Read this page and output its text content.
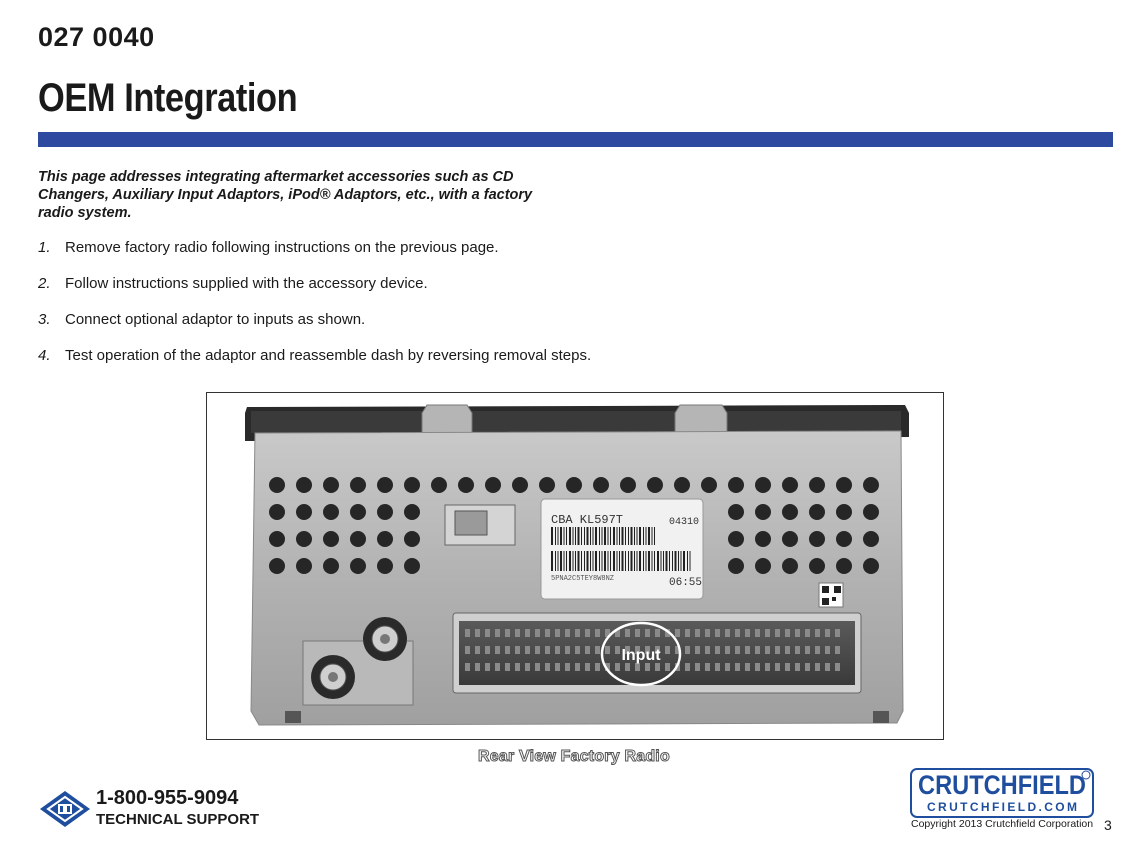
027 0040
OEM Integration
This page addresses integrating aftermarket accessories such as CD Changers, Auxiliary Input Adaptors, iPod® Adaptors, etc., with a factory radio system.
1. Remove factory radio following instructions on the previous page.
2. Follow instructions supplied with the accessory device.
3. Connect optional adaptor to inputs as shown.
4. Test operation of the adaptor and reassemble dash by reversing removal steps.
CBA KL597T	04310
5PNA2C5TEY8W8NZ	06:55
Input
Rear View Factory Radio
1-800-955-9094
TECHNICAL SUPPORT
CRUTCHFIELD
CRUTCHFIELD.COM
Copyright 2013 Crutchfield Corporation 3
